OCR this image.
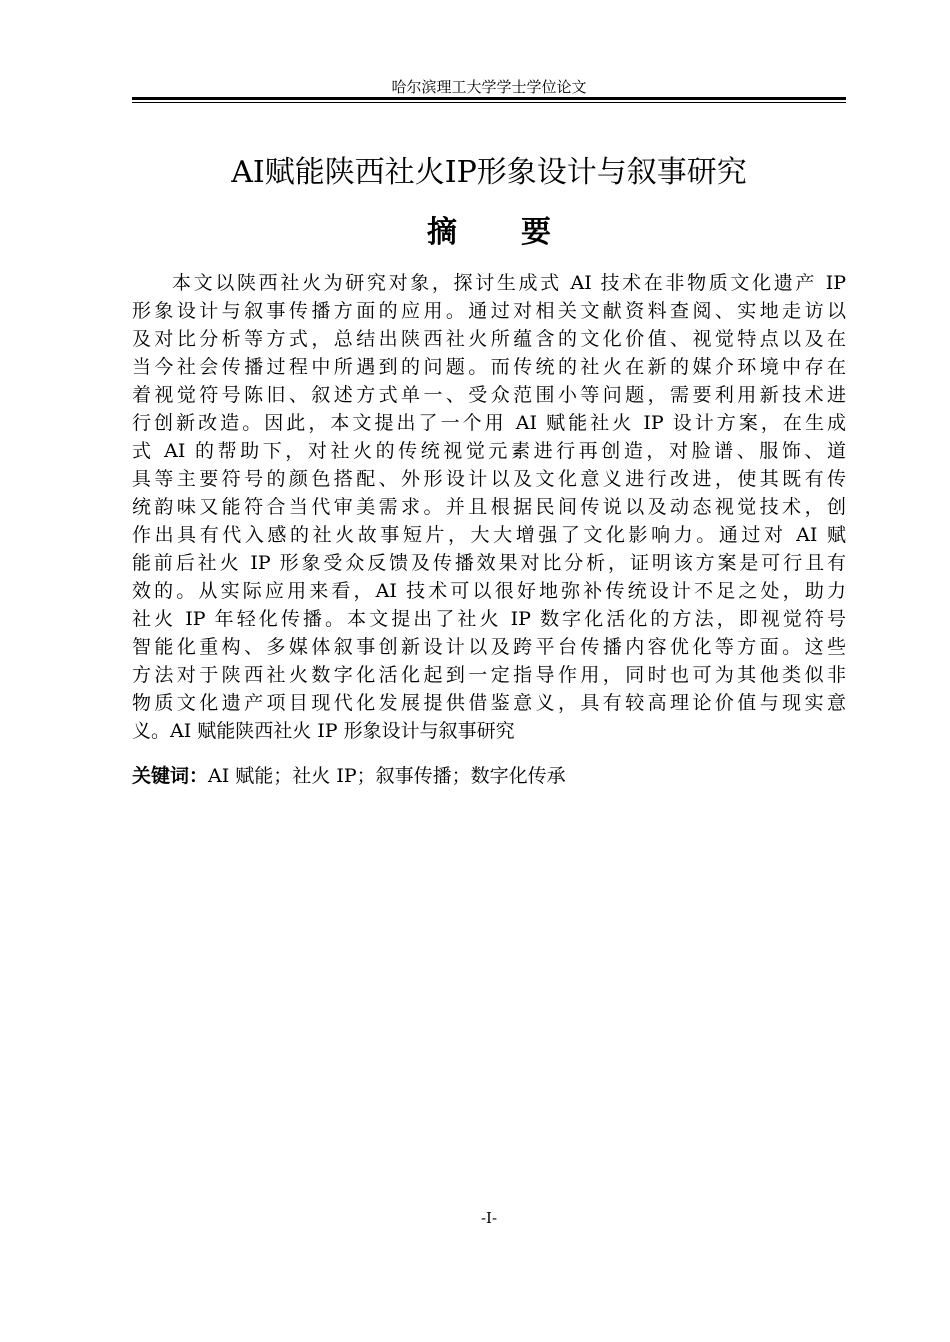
哈尔滨理工大学学士学位论文
AI赋能陕西社火IP形象设计与叙事研究
摘要
本文以陕西社火为研究对象，探讨生成式 AI 技术在非物质文化遗产 IP
形象设计与叙事传播方面的应用。通过对相关文献资料查阅、实地走访以
及对比分析等方式，总结出陕西社火所蕴含的文化价值、视觉特点以及在
当今社会传播过程中所遇到的问题。而传统的社火在新的媒介环境中存在
着视觉符号陈旧、叙述方式单一、受众范围小等问题，需要利用新技术进
行创新改造。因此，本文提出了一个用 AI 赋能社火 IP 设计方案，在生成
式 AI 的帮助下，对社火的传统视觉元素进行再创造，对脸谱、服饰、道
具等主要符号的颜色搭配、外形设计以及文化意义进行改进，使其既有传
统韵味又能符合当代审美需求。并且根据民间传说以及动态视觉技术，创
作出具有代入感的社火故事短片，大大增强了文化影响力。通过对 AI 赋
能前后社火 IP 形象受众反馈及传播效果对比分析，证明该方案是可行且有
效的。从实际应用来看，AI 技术可以很好地弥补传统设计不足之处，助力
社火 IP 年轻化传播。本文提出了社火 IP 数字化活化的方法，即视觉符号
智能化重构、多媒体叙事创新设计以及跨平台传播内容优化等方面。这些
方法对于陕西社火数字化活化起到一定指导作用，同时也可为其他类似非
物质文化遗产项目现代化发展提供借鉴意义，具有较高理论价值与现实意
义。AI 赋能陕西社火 IP 形象设计与叙事研究
关键词：AI 赋能；社火 IP；叙事传播；数字化传承
-I-
